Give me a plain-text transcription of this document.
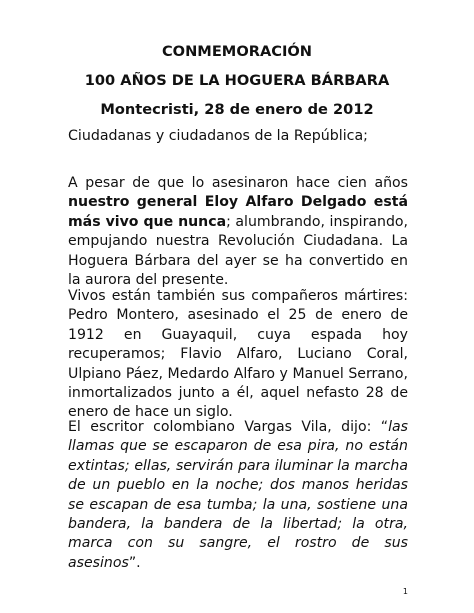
CONMEMORACIÓN
100 AÑOS DE LA HOGUERA BÁRBARA
Montecristi, 28 de enero de 2012
Ciudadanas y ciudadanos de la República;

A pesar de que lo asesinaron hace cien años nuestro general Eloy Alfaro Delgado está más vivo que nunca; alumbrando, inspirando, empujando nuestra Revolución Ciudadana. La Hoguera Bárbara del ayer se ha convertido en la aurora del presente.

Vivos están también sus compañeros mártires: Pedro Montero, asesinado el 25 de enero de 1912 en Guayaquil, cuya espada hoy recuperamos; Flavio Alfaro, Luciano Coral, Ulpiano Páez, Medardo Alfaro y Manuel Serrano, inmortalizados junto a él, aquel nefasto 28 de enero de hace un siglo.

El escritor colombiano Vargas Vila, dijo: “las llamas que se escaparon de esa pira, no están extintas; ellas, servirán para iluminar la marcha de un pueblo en la noche; dos manos heridas se escapan de esa tumba; la una, sostiene una bandera, la bandera de la libertad; la otra, marca con su sangre, el rostro de sus asesinos”.

1
